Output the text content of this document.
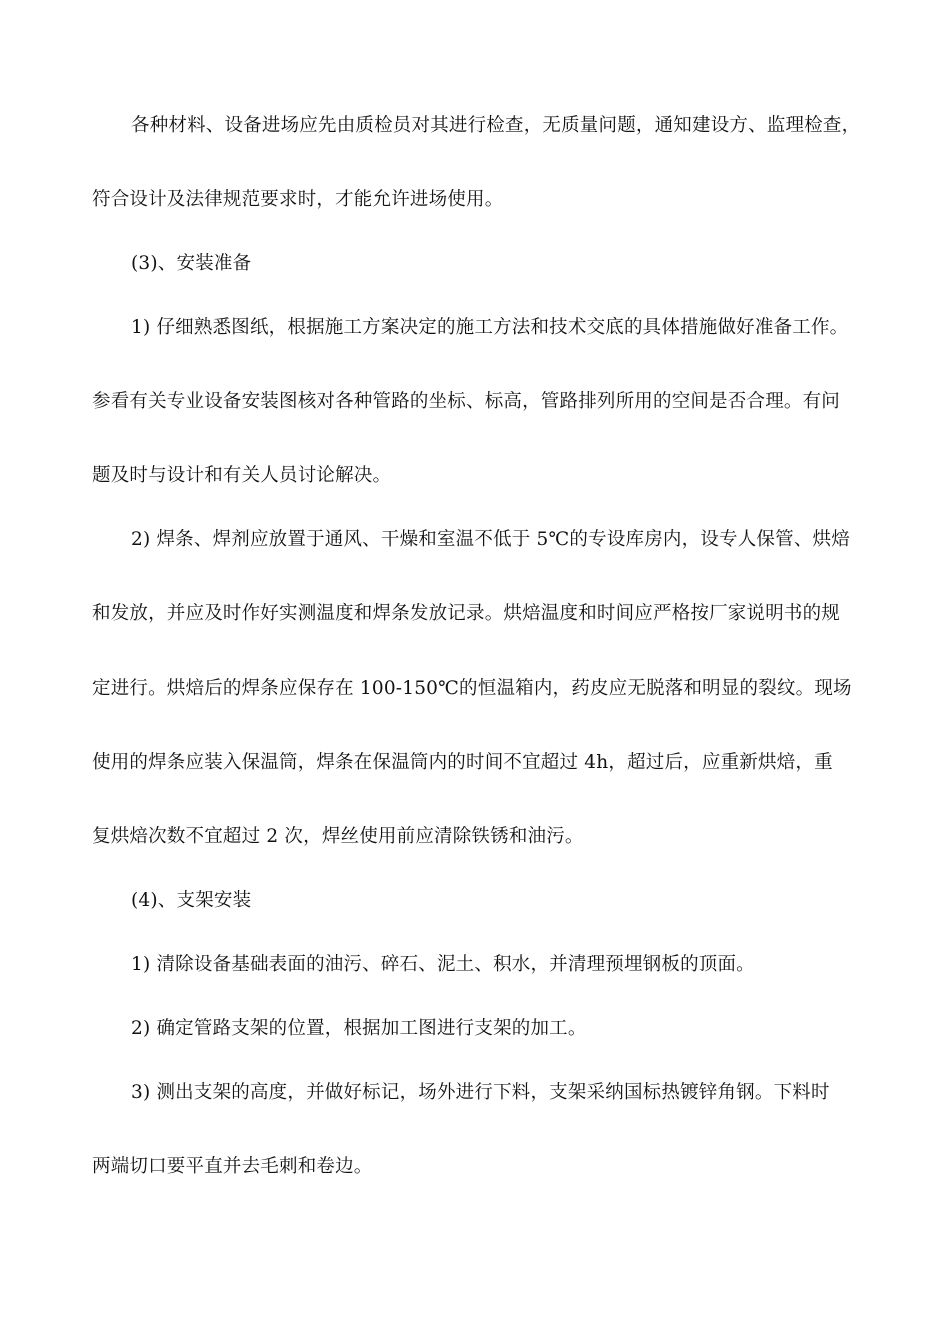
各种材料、设备进场应先由质检员对其进行检查，无质量问题，通知建设方、监理检查，
符合设计及法律规范要求时，才能允许进场使用。
(3)、安装准备
1) 仔细熟悉图纸，根据施工方案决定的施工方法和技术交底的具体措施做好准备工作。
参看有关专业设备安装图核对各种管路的坐标、标高，管路排列所用的空间是否合理。有问
题及时与设计和有关人员讨论解决。
2) 焊条、焊剂应放置于通风、干燥和室温不低于 5℃的专设库房内，设专人保管、烘焙
和发放，并应及时作好实测温度和焊条发放记录。烘焙温度和时间应严格按厂家说明书的规
定进行。烘焙后的焊条应保存在 100-150℃的恒温箱内，药皮应无脱落和明显的裂纹。现场
使用的焊条应装入保温筒，焊条在保温筒内的时间不宜超过 4h，超过后，应重新烘焙，重
复烘焙次数不宜超过 2 次，焊丝使用前应清除铁锈和油污。
(4)、支架安装
1) 清除设备基础表面的油污、碎石、泥土、积水，并清理预埋钢板的顶面。
2) 确定管路支架的位置，根据加工图进行支架的加工。
3) 测出支架的高度，并做好标记，场外进行下料，支架采纳国标热镀锌角钢。下料时
两端切口要平直并去毛刺和卷边。
